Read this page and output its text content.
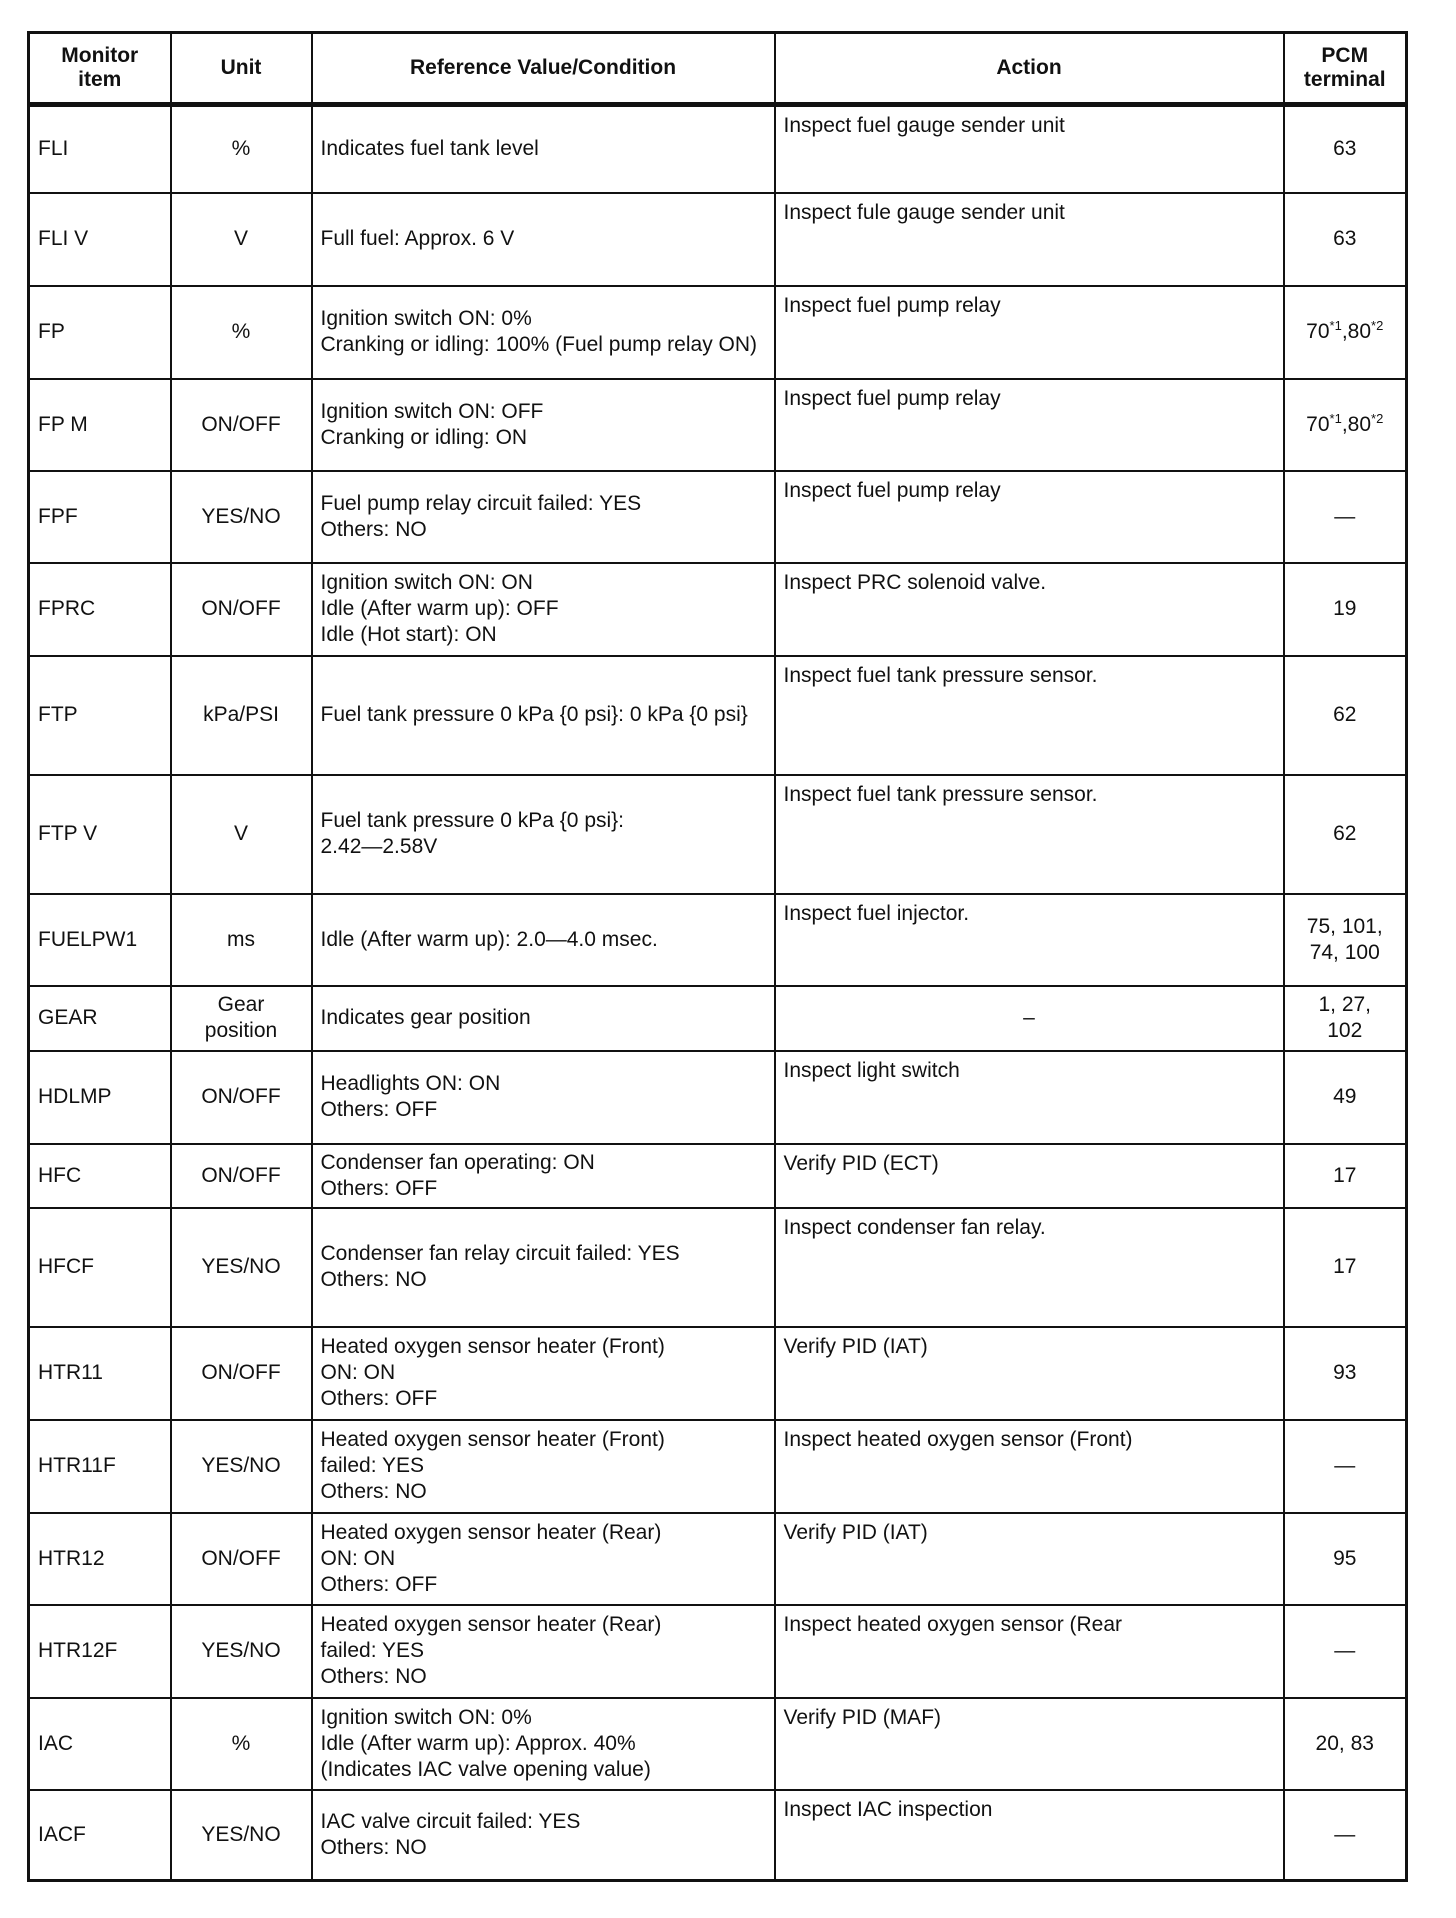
Monitor
item	Unit	Reference Value/Condition	Action	PCM
terminal
FLI	%	Indicates fuel tank level	Inspect fuel gauge sender unit	63
FLI V	V	Full fuel: Approx. 6 V	Inspect fule gauge sender unit	63
FP	%	Ignition switch ON: 0%
Cranking or idling: 100% (Fuel pump relay ON)	Inspect fuel pump relay	70$^{*1}$,80$^{*2}$
FP M	ON/OFF	Ignition switch ON: OFF
Cranking or idling: ON	Inspect fuel pump relay	70$^{*1}$,80$^{*2}$
FPF	YES/NO	Fuel pump relay circuit failed: YES
Others: NO	Inspect fuel pump relay	—
FPRC	ON/OFF	Ignition switch ON: ON
Idle (After warm up): OFF
Idle (Hot start): ON	Inspect PRC solenoid valve.	19
FTP	kPa/PSI	Fuel tank pressure 0 kPa {0 psi}: 0 kPa {0 psi}	Inspect fuel tank pressure sensor.	62
FTP V	V	Fuel tank pressure 0 kPa {0 psi}:
2.42—2.58V	Inspect fuel tank pressure sensor.	62
FUELPW1	ms	Idle (After warm up): 2.0—4.0 msec.	Inspect fuel injector.	75, 101,
74, 100
GEAR	Gear
position	Indicates gear position	–	1, 27,
102
HDLMP	ON/OFF	Headlights ON: ON
Others: OFF	Inspect light switch	49
HFC	ON/OFF	Condenser fan operating: ON
Others: OFF	Verify PID (ECT)	17
HFCF	YES/NO	Condenser fan relay circuit failed: YES
Others: NO	Inspect condenser fan relay.	17
HTR11	ON/OFF	Heated oxygen sensor heater (Front)
ON: ON
Others: OFF	Verify PID (IAT)	93
HTR11F	YES/NO	Heated oxygen sensor heater (Front)
failed: YES
Others: NO	Inspect heated oxygen sensor (Front)	—
HTR12	ON/OFF	Heated oxygen sensor heater (Rear)
ON: ON
Others: OFF	Verify PID (IAT)	95
HTR12F	YES/NO	Heated oxygen sensor heater (Rear)
failed: YES
Others: NO	Inspect heated oxygen sensor (Rear	—
IAC	%	Ignition switch ON: 0%
Idle (After warm up): Approx. 40%
(Indicates IAC valve opening value)	Verify PID (MAF)	20, 83
IACF	YES/NO	IAC valve circuit failed: YES
Others: NO	Inspect IAC inspection	—
